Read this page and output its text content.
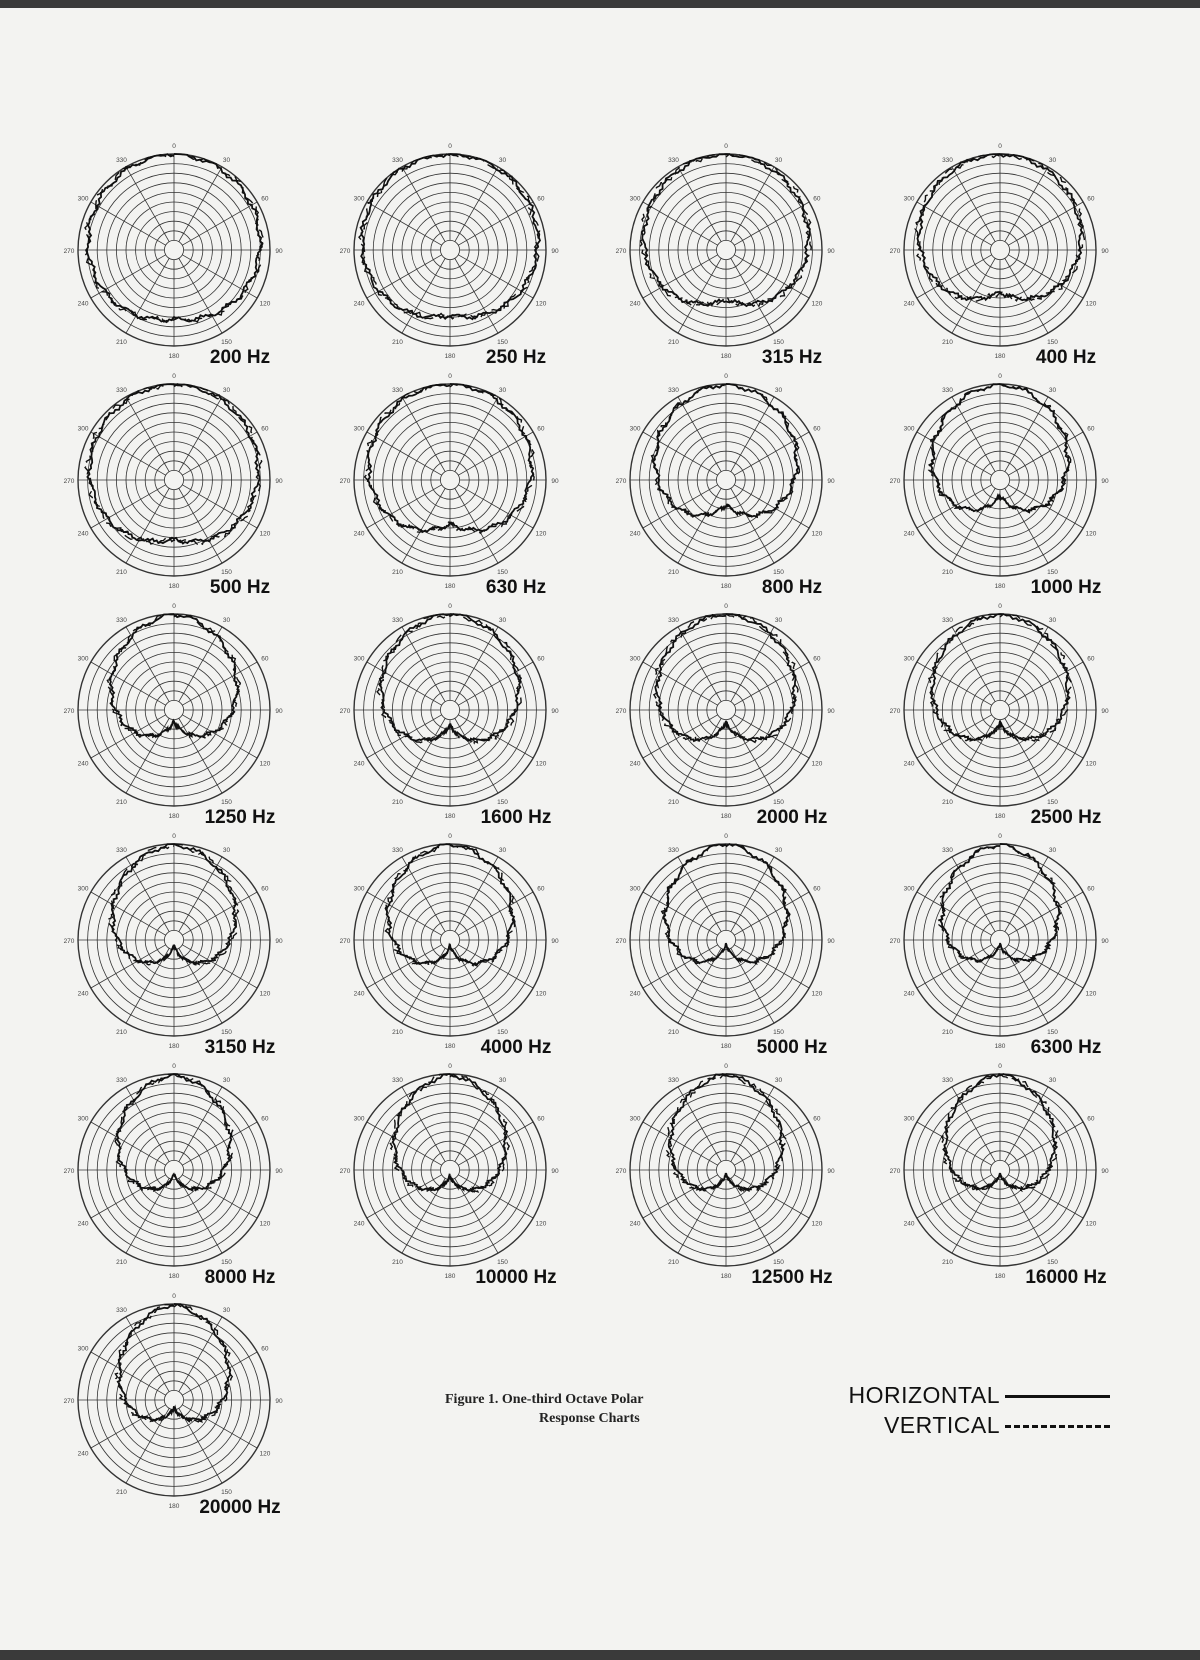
0
30
60
90
120
150
180
210
240
270
300
330
200 Hz
0
30
60
90
120
150
180
210
240
270
300
330
250 Hz
0
30
60
90
120
150
180
210
240
270
300
330
315 Hz
0
30
60
90
120
150
180
210
240
270
300
330
400 Hz
0
30
60
90
120
150
180
210
240
270
300
330
500 Hz
0
30
60
90
120
150
180
210
240
270
300
330
630 Hz
0
30
60
90
120
150
180
210
240
270
300
330
800 Hz
0
30
60
90
120
150
180
210
240
270
300
330
1000 Hz
0
30
60
90
120
150
180
210
240
270
300
330
1250 Hz
0
30
60
90
120
150
180
210
240
270
300
330
1600 Hz
0
30
60
90
120
150
180
210
240
270
300
330
2000 Hz
0
30
60
90
120
150
180
210
240
270
300
330
2500 Hz
0
30
60
90
120
150
180
210
240
270
300
330
3150 Hz
0
30
60
90
120
150
180
210
240
270
300
330
4000 Hz
0
30
60
90
120
150
180
210
240
270
300
330
5000 Hz
0
30
60
90
120
150
180
210
240
270
300
330
6300 Hz
0
30
60
90
120
150
180
210
240
270
300
330
8000 Hz
0
30
60
90
120
150
180
210
240
270
300
330
10000 Hz
0
30
60
90
120
150
180
210
240
270
300
330
12500 Hz
0
30
60
90
120
150
180
210
240
270
300
330
16000 Hz
0
30
60
90
120
150
180
210
240
270
300
330
20000 Hz
Figure 1. One-third Octave Polar
Response Charts
HORIZONTAL
VERTICAL
